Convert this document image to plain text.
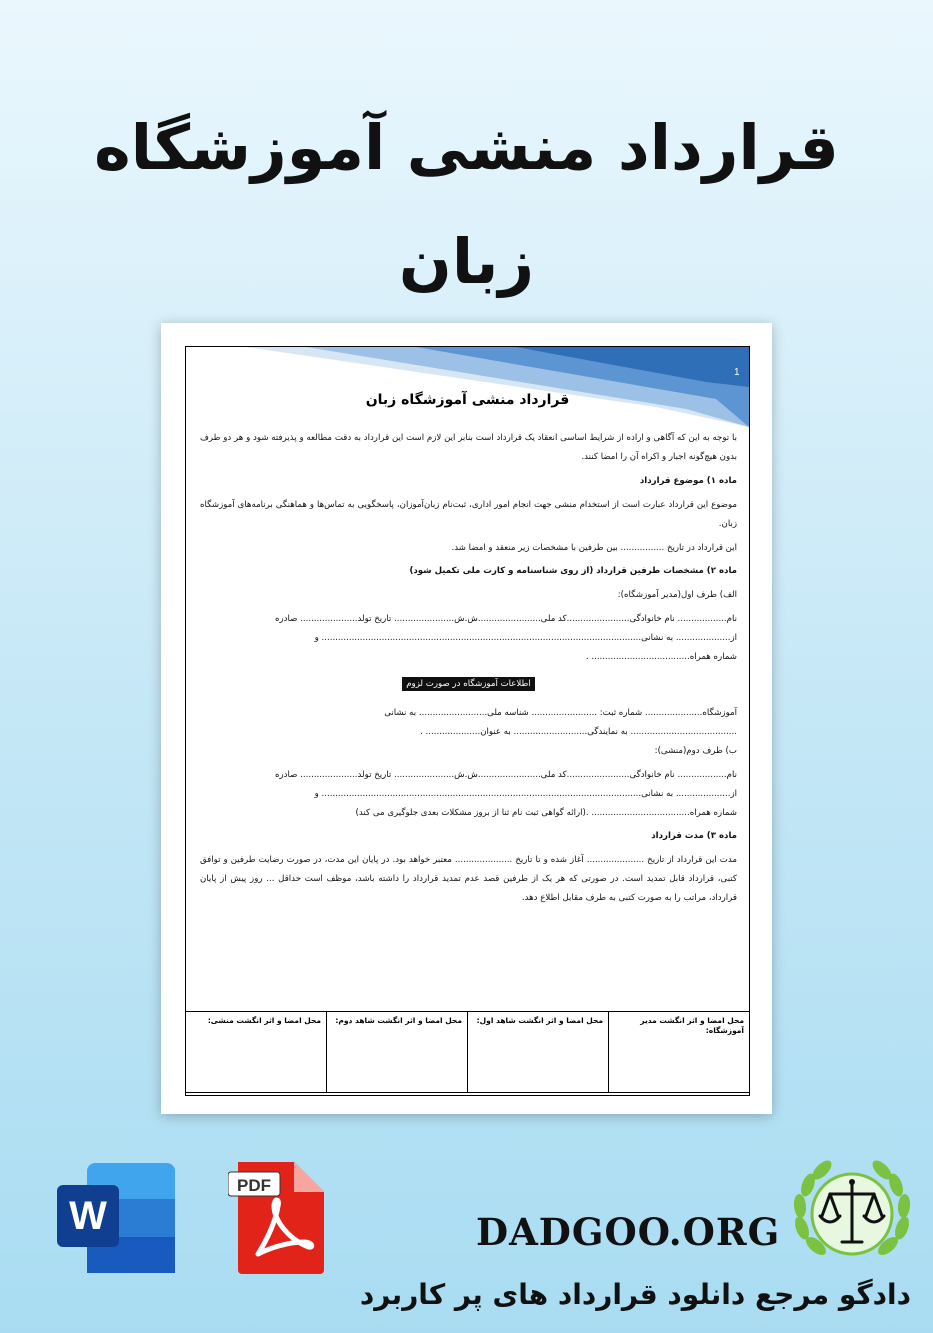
قرارداد منشی آموزشگاه
زبان
1
قرارداد منشی آموزشگاه زبان

با توجه به این که آگاهی و اراده از شرایط اساسی انعقاد یک قرارداد است بنابر این لازم است این قرارداد به دقت مطالعه و پذیرفته شود و هر دو طرف بدون هیچ‌گونه اجبار و اکراه آن را امضا کنند.

ماده ۱) موضوع قرارداد

موضوع این قرارداد عبارت است از استخدام منشی جهت انجام امور اداری، ثبت‌نام زبان‌آموزان، پاسخگویی به تماس‌ها و هماهنگی برنامه‌های آموزشگاه زبان.

این قرارداد در تاریخ ................ بین طرفین با مشخصات زیر منعقد و امضا شد.

ماده ۲) مشخصات طرفین قرارداد (از روی شناسنامه و کارت ملی تکمیل شود)

الف) طرف اول(مدیر آموزشگاه):

نام.................. نام خانوادگی.......................کد ملی.......................ش.ش...................... تاریخ تولد..................... صادره

از.................... به نشانی..................................................................................................................... و

شماره همراه.................................... .

اطلاعات آموزشگاه در صورت لزوم

آموزشگاه..................... شماره ثبت: ........................ شناسه ملی......................... به نشانی

....................................... به نمایندگی........................... به عنوان.................... .

ب) طرف دوم(منشی):

نام.................. نام خانوادگی.......................کد ملی.......................ش.ش...................... تاریخ تولد..................... صادره

از.................... به نشانی..................................................................................................................... و

شماره همراه.................................... .(ارائه گواهی ثبت نام ثنا از بروز مشکلات بعدی جلوگیری می کند)

ماده ۳) مدت قرارداد

مدت این قرارداد از تاریخ ..................... آغاز شده و تا تاریخ ..................... معتبر خواهد بود. در پایان این مدت، در صورت رضایت طرفین و توافق کتبی، قرارداد قابل تمدید است. در صورتی که هر یک از طرفین قصد عدم تمدید قرارداد را داشته باشد، موظف است حداقل ... روز پیش از پایان قرارداد، مراتب را به صورت کتبی به طرف مقابل اطلاع دهد.

محل امضا و اثر انگشت مدیر آموزشگاه:
محل امضا و اثر انگشت شاهد اول:
محل امضا و اثر انگشت شاهد دوم:
محل امضا و اثر انگشت منشی:
W
PDF
DADGOO.ORG
دادگو مرجع دانلود قرارداد های پر کاربرد
